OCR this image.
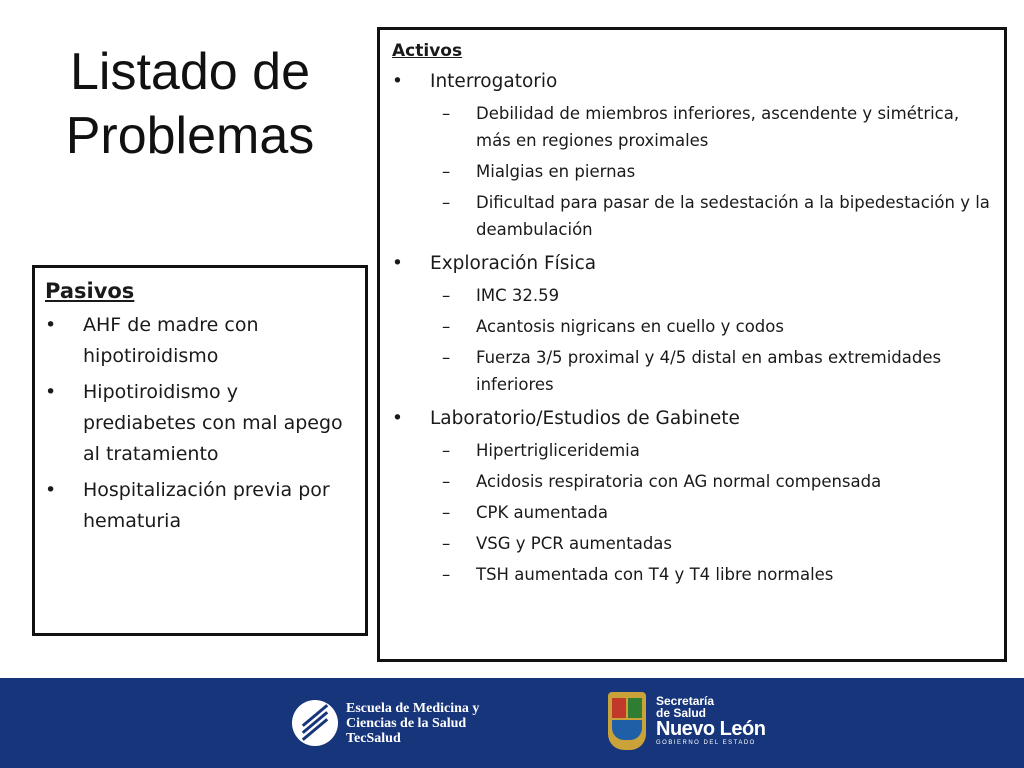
Listado de Problemas
Pasivos
• AHF de madre con hipotiroidismo
• Hipotiroidismo y prediabetes con mal apego al tratamiento
• Hospitalización previa por hematuria
Activos
• Interrogatorio
– Debilidad de miembros inferiores, ascendente y simétrica, más en regiones proximales
– Mialgias en piernas
– Dificultad para pasar de la sedestación a la bipedestación y la deambulación
• Exploración Física
– IMC 32.59
– Acantosis nigricans en cuello y codos
– Fuerza 3/5 proximal y 4/5 distal en ambas extremidades inferiores
• Laboratorio/Estudios de Gabinete
– Hipertrigliceridemia
– Acidosis respiratoria con AG normal compensada
– CPK aumentada
– VSG y PCR aumentadas
– TSH aumentada con T4 y T4 libre normales
Escuela de Medicina y
Ciencias de la Salud
TecSalud
Secretaría
de Salud
Nuevo León
GOBIERNO DEL ESTADO
